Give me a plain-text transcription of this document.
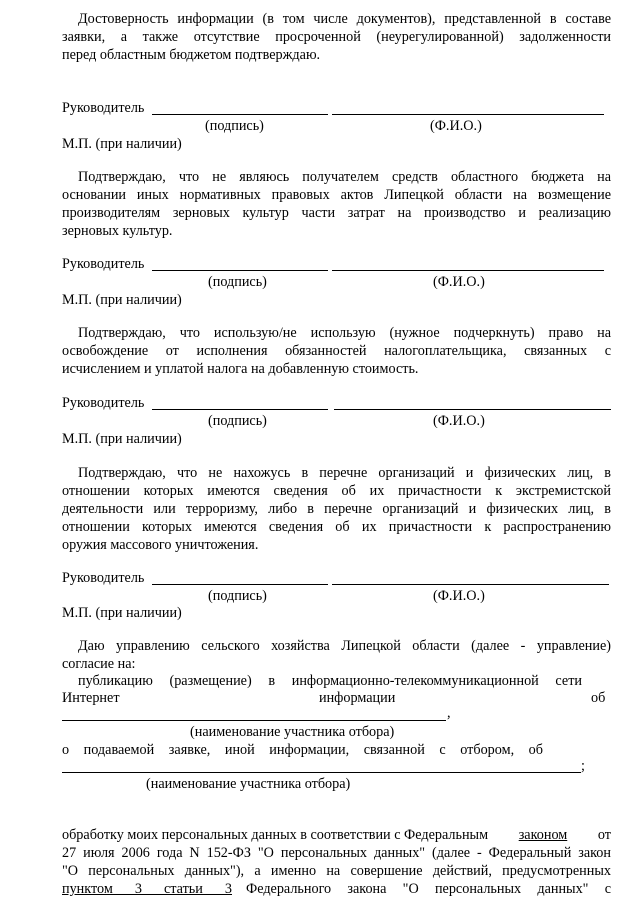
Достоверность информации (в том числе документов), представленной в составе
заявки, а также отсутствие просроченной (неурегулированной) задолженности
перед областным бюджетом подтверждаю.
Руководитель
(подпись)	(Ф.И.О.)
М.П. (при наличии)
Подтверждаю, что не являюсь получателем средств областного бюджета на
основании иных нормативных правовых актов Липецкой области на возмещение
производителям зерновых культур части затрат на производство и реализацию
зерновых культур.
Руководитель
(подпись)	(Ф.И.О.)
М.П. (при наличии)
Подтверждаю, что использую/не использую (нужное подчеркнуть) право на
освобождение от исполнения обязанностей налогоплательщика, связанных с
исчислением и уплатой налога на добавленную стоимость.
Руководитель
(подпись)	(Ф.И.О.)
М.П. (при наличии)
Подтверждаю, что не нахожусь в перечне организаций и физических лиц, в
отношении которых имеются сведения об их причастности к экстремистской
деятельности или терроризму, либо в перечне организаций и физических лиц, в
отношении которых имеются сведения об их причастности к распространению
оружия массового уничтожения.
Руководитель
(подпись)	(Ф.И.О.)
М.П. (при наличии)
Даю управлению сельского хозяйства Липецкой области (далее - управление)
согласие на:
публикацию (размещение) в информационно-телекоммуникационной сети
Интернет	информации	об
,
(наименование участника отбора)
о подаваемой заявке, иной информации, связанной с отбором, об
;
(наименование участника отбора)
обработку моих персональных данных в соответствии с Федеральным законом от
27 июля 2006 года N 152-ФЗ "О персональных данных" (далее - Федеральный закон
"О персональных данных"), а именно на совершение действий, предусмотренных
пунктом 3 статьи 3 Федерального закона "О персональных данных" с
